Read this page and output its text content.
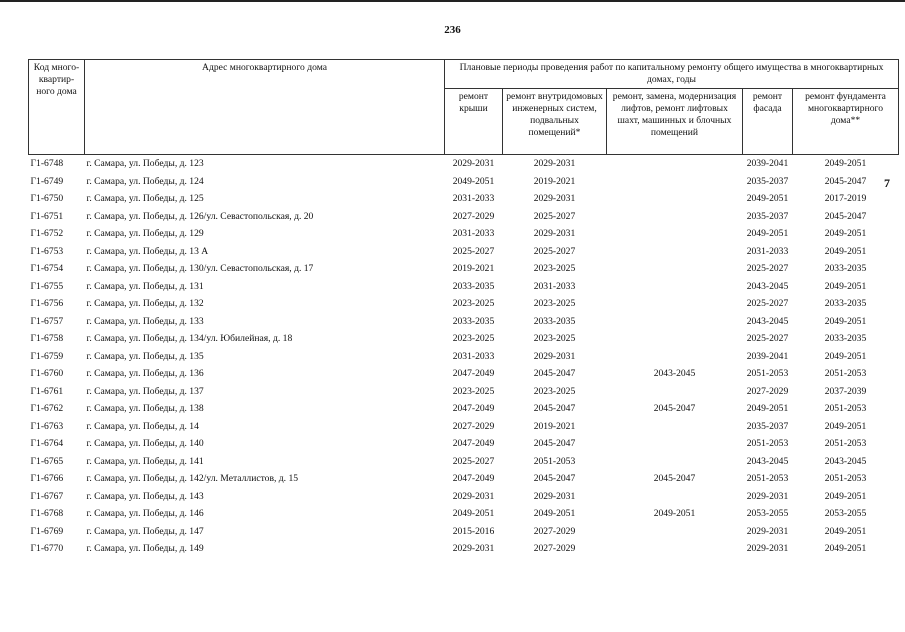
236
7
Код много-квартир-ного дома	Адрес многоквартирного дома	Плановые периоды проведения работ по капитальному ремонту общего имущества в многоквартирных домах, годы				
		ремонт крыши	ремонт внутридомовых инженерных систем, подвальных помещений*	ремонт, замена, модернизация лифтов, ремонт лифтовых шахт, машинных и блочных помещений	ремонт фасада	ремонт фундамента многоквартирного дома**
Г1-6748	г. Самара, ул. Победы, д. 123	2029-2031	2029-2031		2039-2041	2049-2051
Г1-6749	г. Самара, ул. Победы, д. 124	2049-2051	2019-2021		2035-2037	2045-2047
Г1-6750	г. Самара, ул. Победы, д. 125	2031-2033	2029-2031		2049-2051	2017-2019
Г1-6751	г. Самара, ул. Победы, д. 126/ул. Севастопольская, д. 20	2027-2029	2025-2027		2035-2037	2045-2047
Г1-6752	г. Самара, ул. Победы, д. 129	2031-2033	2029-2031		2049-2051	2049-2051
Г1-6753	г. Самара, ул. Победы, д. 13 А	2025-2027	2025-2027		2031-2033	2049-2051
Г1-6754	г. Самара, ул. Победы, д. 130/ул. Севастопольская, д. 17	2019-2021	2023-2025		2025-2027	2033-2035
Г1-6755	г. Самара, ул. Победы, д. 131	2033-2035	2031-2033		2043-2045	2049-2051
Г1-6756	г. Самара, ул. Победы, д. 132	2023-2025	2023-2025		2025-2027	2033-2035
Г1-6757	г. Самара, ул. Победы, д. 133	2033-2035	2033-2035		2043-2045	2049-2051
Г1-6758	г. Самара, ул. Победы, д. 134/ул. Юбилейная, д. 18	2023-2025	2023-2025		2025-2027	2033-2035
Г1-6759	г. Самара, ул. Победы, д. 135	2031-2033	2029-2031		2039-2041	2049-2051
Г1-6760	г. Самара, ул. Победы, д. 136	2047-2049	2045-2047	2043-2045	2051-2053	2051-2053
Г1-6761	г. Самара, ул. Победы, д. 137	2023-2025	2023-2025		2027-2029	2037-2039
Г1-6762	г. Самара, ул. Победы, д. 138	2047-2049	2045-2047	2045-2047	2049-2051	2051-2053
Г1-6763	г. Самара, ул. Победы, д. 14	2027-2029	2019-2021		2035-2037	2049-2051
Г1-6764	г. Самара, ул. Победы, д. 140	2047-2049	2045-2047		2051-2053	2051-2053
Г1-6765	г. Самара, ул. Победы, д. 141	2025-2027	2051-2053		2043-2045	2043-2045
Г1-6766	г. Самара, ул. Победы, д. 142/ул. Металлистов, д. 15	2047-2049	2045-2047	2045-2047	2051-2053	2051-2053
Г1-6767	г. Самара, ул. Победы, д. 143	2029-2031	2029-2031		2029-2031	2049-2051
Г1-6768	г. Самара, ул. Победы, д. 146	2049-2051	2049-2051	2049-2051	2053-2055	2053-2055
Г1-6769	г. Самара, ул. Победы, д. 147	2015-2016	2027-2029		2029-2031	2049-2051
Г1-6770	г. Самара, ул. Победы, д. 149	2029-2031	2027-2029		2029-2031	2049-2051
